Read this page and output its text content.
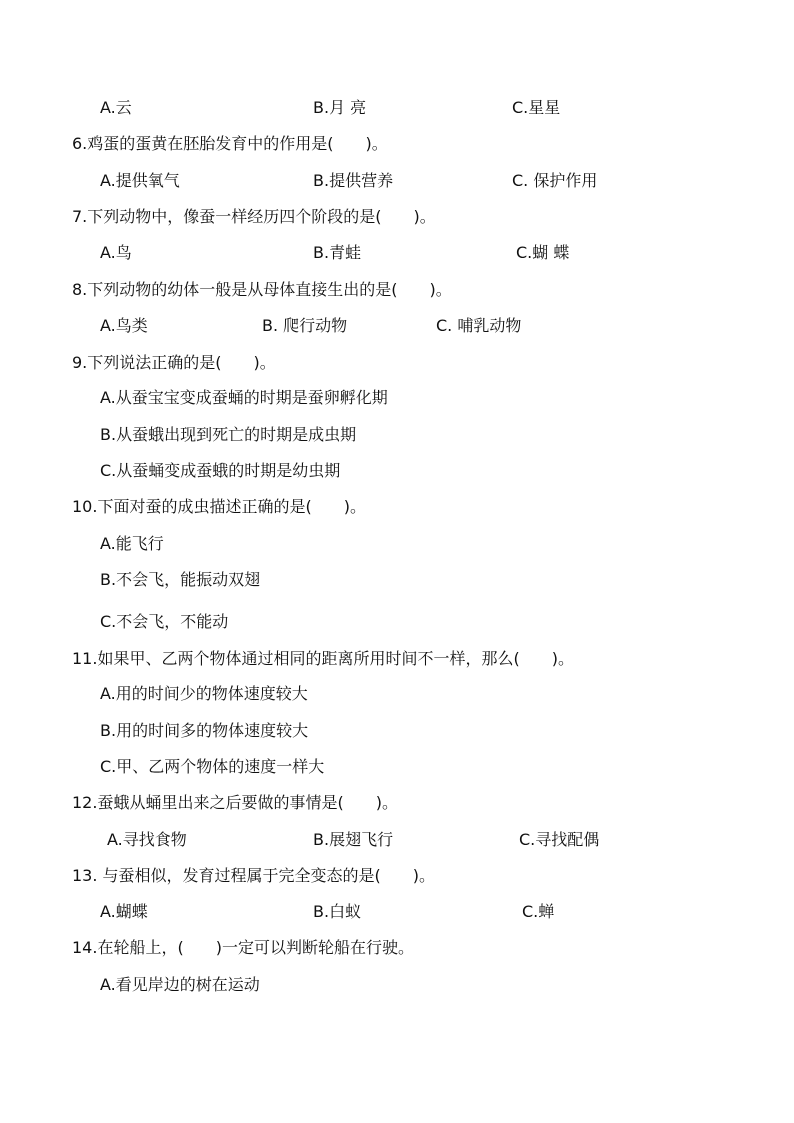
A.云	B.月 亮	C.星星
6.鸡蛋的蛋黄在胚胎发育中的作用是(　　)。
A.提供氧气	B.提供营养	C. 保护作用
7.下列动物中，像蚕一样经历四个阶段的是(　　)。
A.鸟	B.青蛙	C.蝴 蝶
8.下列动物的幼体一般是从母体直接生出的是(　　)。
A.鸟类	B. 爬行动物	C. 哺乳动物
9.下列说法正确的是(　　)。
A.从蚕宝宝变成蚕蛹的时期是蚕卵孵化期
B.从蚕蛾出现到死亡的时期是成虫期
C.从蚕蛹变成蚕蛾的时期是幼虫期
10.下面对蚕的成虫描述正确的是(　　)。
A.能飞行
B.不会飞，能振动双翅
C.不会飞，不能动
11.如果甲、乙两个物体通过相同的距离所用时间不一样，那么(　　)。
A.用的时间少的物体速度较大
B.用的时间多的物体速度较大
C.甲、乙两个物体的速度一样大
12.蚕蛾从蛹里出来之后要做的事情是(　　)。
A.寻找食物	B.展翅飞行	C.寻找配偶
13. 与蚕相似，发育过程属于完全变态的是(　　)。
A.蝴蝶	B.白蚁	C.蝉
14.在轮船上，(　　)一定可以判断轮船在行驶。
A.看见岸边的树在运动
